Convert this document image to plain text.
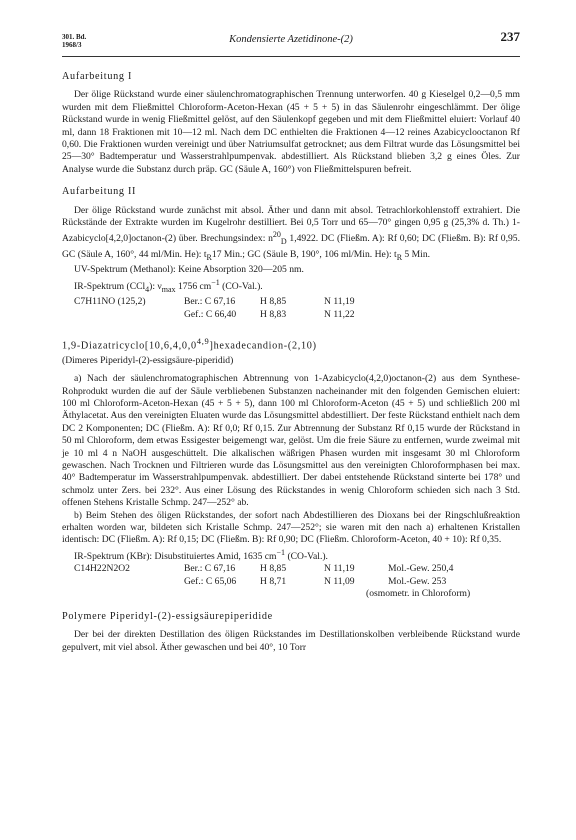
301. Bd.
1968/3	Kondensierte Azetidinone-(2)	237
Aufarbeitung I

Der ölige Rückstand wurde einer säulenchromatographischen Trennung unterworfen. 40 g Kieselgel 0,2—0,5 mm wurden mit dem Fließmittel Chloroform-Aceton-Hexan (45 + 5 + 5) in das Säulenrohr eingeschlämmt. Der ölige Rückstand wurde in wenig Fließmittel gelöst, auf den Säulenkopf gegeben und mit dem Fließmittel eluiert: Vorlauf 40 ml, dann 18 Fraktionen mit 10—12 ml. Nach dem DC enthielten die Fraktionen 4—12 reines Azabicyclooctanon Rf 0,60. Die Fraktionen wurden vereinigt und über Natriumsulfat getrocknet; aus dem Filtrat wurde das Lösungsmittel bei 25—30° Badtemperatur und Wasserstrahlpumpenvak. abdestilliert. Als Rückstand blieben 3,2 g eines Öles. Zur Analyse wurde die Substanz durch präp. GC (Säule A, 160°) von Fließmittelspuren befreit.

Aufarbeitung II

Der ölige Rückstand wurde zunächst mit absol. Äther und dann mit absol. Tetrachlorkohlenstoff extrahiert. Die Rückstände der Extrakte wurden im Kugelrohr destilliert. Bei 0,5 Torr und 65—70° gingen 0,95 g (25,3% d. Th.) 1-Azabicyclo[4,2,0]octanon-(2) über. Brechungsindex: $n^{20}_D$ 1,4922. DC (Fließm. A): Rf 0,60; DC (Fließm. B): Rf 0,95. GC (Säule A, 160°, 44 ml/Min. He): $t_R17$ Min.; GC (Säule B, 190°, 106 ml/Min. He): $t_R$ 5 Min.

UV-Spektrum (Methanol): Keine Absorption 320—205 nm.
IR-Spektrum (CCl$_4$): $\nu_{max}$ 1756 $cm^{-1}$ (CO-Val.).
C7H11NO (125,2)	Ber.: C 67,16	H 8,85	N 11,19
Gef.: C 66,40	H 8,83	N 11,22
1,9-Diazatricyclo[10,6,4,0,0$^{4,9}$]hexadecandion-(2,10)
(Dimeres Piperidyl-(2)-essigsäure-piperidid)

a) Nach der säulenchromatographischen Abtrennung von 1-Azabicyclo(4,2,0)octanon-(2) aus dem Synthese-Rohprodukt wurden die auf der Säule verbliebenen Substanzen nacheinander mit den folgenden Gemischen eluiert: 100 ml Chloroform-Aceton-Hexan (45 + 5 + 5), dann 100 ml Chloroform-Aceton (45 + 5) und schließlich 200 ml Äthylacetat. Aus den vereinigten Eluaten wurde das Lösungsmittel abdestilliert. Der feste Rückstand enthielt nach dem DC 2 Komponenten; DC (Fließm. A): Rf 0,0; Rf 0,15. Zur Abtrennung der Substanz Rf 0,15 wurde der Rückstand in 50 ml Chloroform, dem etwas Essigester beigemengt war, gelöst. Um die freie Säure zu entfernen, wurde zweimal mit je 10 ml 4 n NaOH ausgeschüttelt. Die alkalischen wäßrigen Phasen wurden mit insgesamt 30 ml Chloroform gewaschen. Nach Trocknen und Filtrieren wurde das Lösungsmittel aus den vereinigten Chloroformphasen bei max. 40° Badtemperatur im Wasserstrahlpumpenvak. abdestilliert. Der dabei entstehende Rückstand sinterte bei 178° und schmolz unter Zers. bei 232°. Aus einer Lösung des Rückstandes in wenig Chloroform schieden sich nach 3 Std. offenen Stehens Kristalle Schmp. 247—252° ab.

b) Beim Stehen des öligen Rückstandes, der sofort nach Abdestillieren des Dioxans bei der Ringschlußreaktion erhalten worden war, bildeten sich Kristalle Schmp. 247—252°; sie waren mit den nach a) erhaltenen Kristallen identisch: DC (Fließm. A): Rf 0,15; DC (Fließm. B): Rf 0,90; DC (Fließm. Chloroform-Aceton, 40 + 10): Rf 0,35.

IR-Spektrum (KBr): Disubstituiertes Amid, 1635 $cm^{-1}$ (CO-Val.).
C14H22N2O2	Ber.: C 67,16	H 8,85	N 11,19	Mol.-Gew. 250,4
Gef.: C 65,06	H 8,71	N 11,09	Mol.-Gew. 253
(osmometr. in Chloroform)
Polymere Piperidyl-(2)-essigsäurepiperidide

Der bei der direkten Destillation des öligen Rückstandes im Destillationskolben verbleibende Rückstand wurde gepulvert, mit viel absol. Äther gewaschen und bei 40°, 10 Torr
